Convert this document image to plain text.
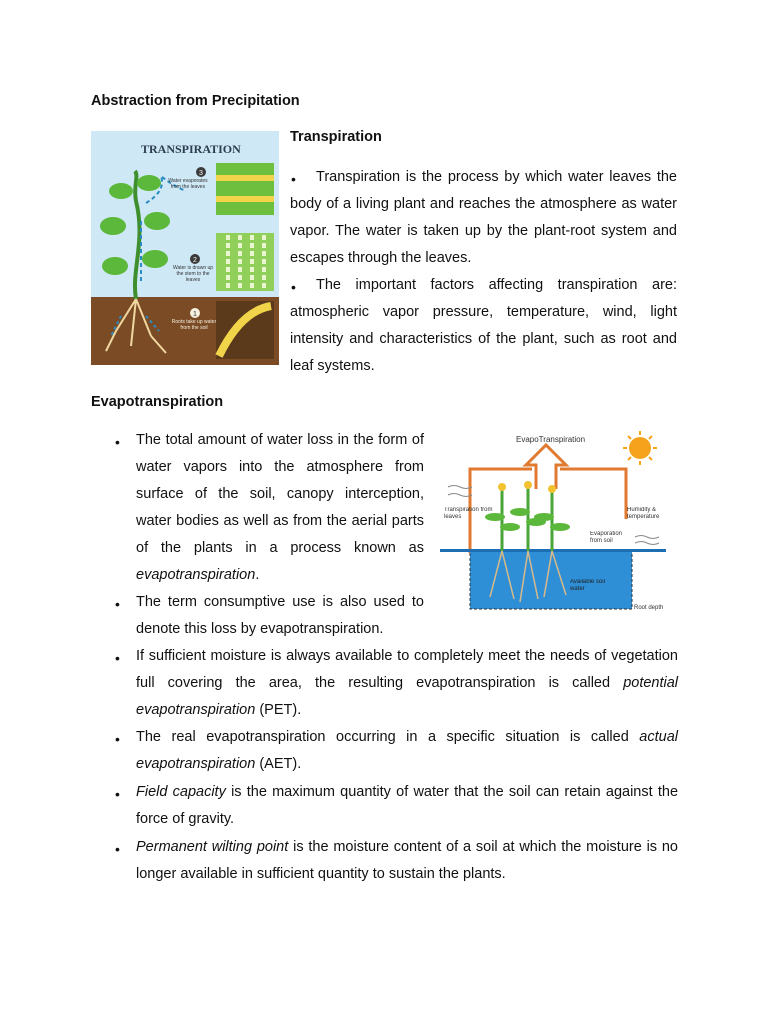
Abstraction from Precipitation
Transpiration
Evapotranspiration
TRANSPIRATION
3
Water evaporates from the leaves
2
Water is drawn up the stem to the leaves
1
Roots take up water from the soil
•	Transpiration is the process by which water leaves the body of a living plant and reaches the atmosphere as water vapor. The water is taken up by the plant-root system and escapes through the leaves.

•	The important factors affecting transpiration are: atmospheric vapor pressure, temperature, wind, light intensity and characteristics of the plant, such as root and leaf systems.

EvapoTranspiration
Transpiration from leaves
Humidity & temperature
Evaporation from soil
Available soil water
Root depth
• The total amount of water loss in the form of water vapors into the atmosphere from surface of the soil, canopy interception, water bodies as well as from the aerial parts of the plants in a process known as evapotranspiration.

• The term consumptive use is also used to denote this loss by evapotranspiration.

• If sufficient moisture is always available to completely meet the needs of vegetation full covering the area, the resulting evapotranspiration is called potential evapotranspiration (PET).

• The real evapotranspiration occurring in a specific situation is called actual evapotranspiration (AET).

• Field capacity is the maximum quantity of water that the soil can retain against the force of gravity.

• Permanent wilting point is the moisture content of a soil at which the moisture is no longer available in sufficient quantity to sustain the plants.
